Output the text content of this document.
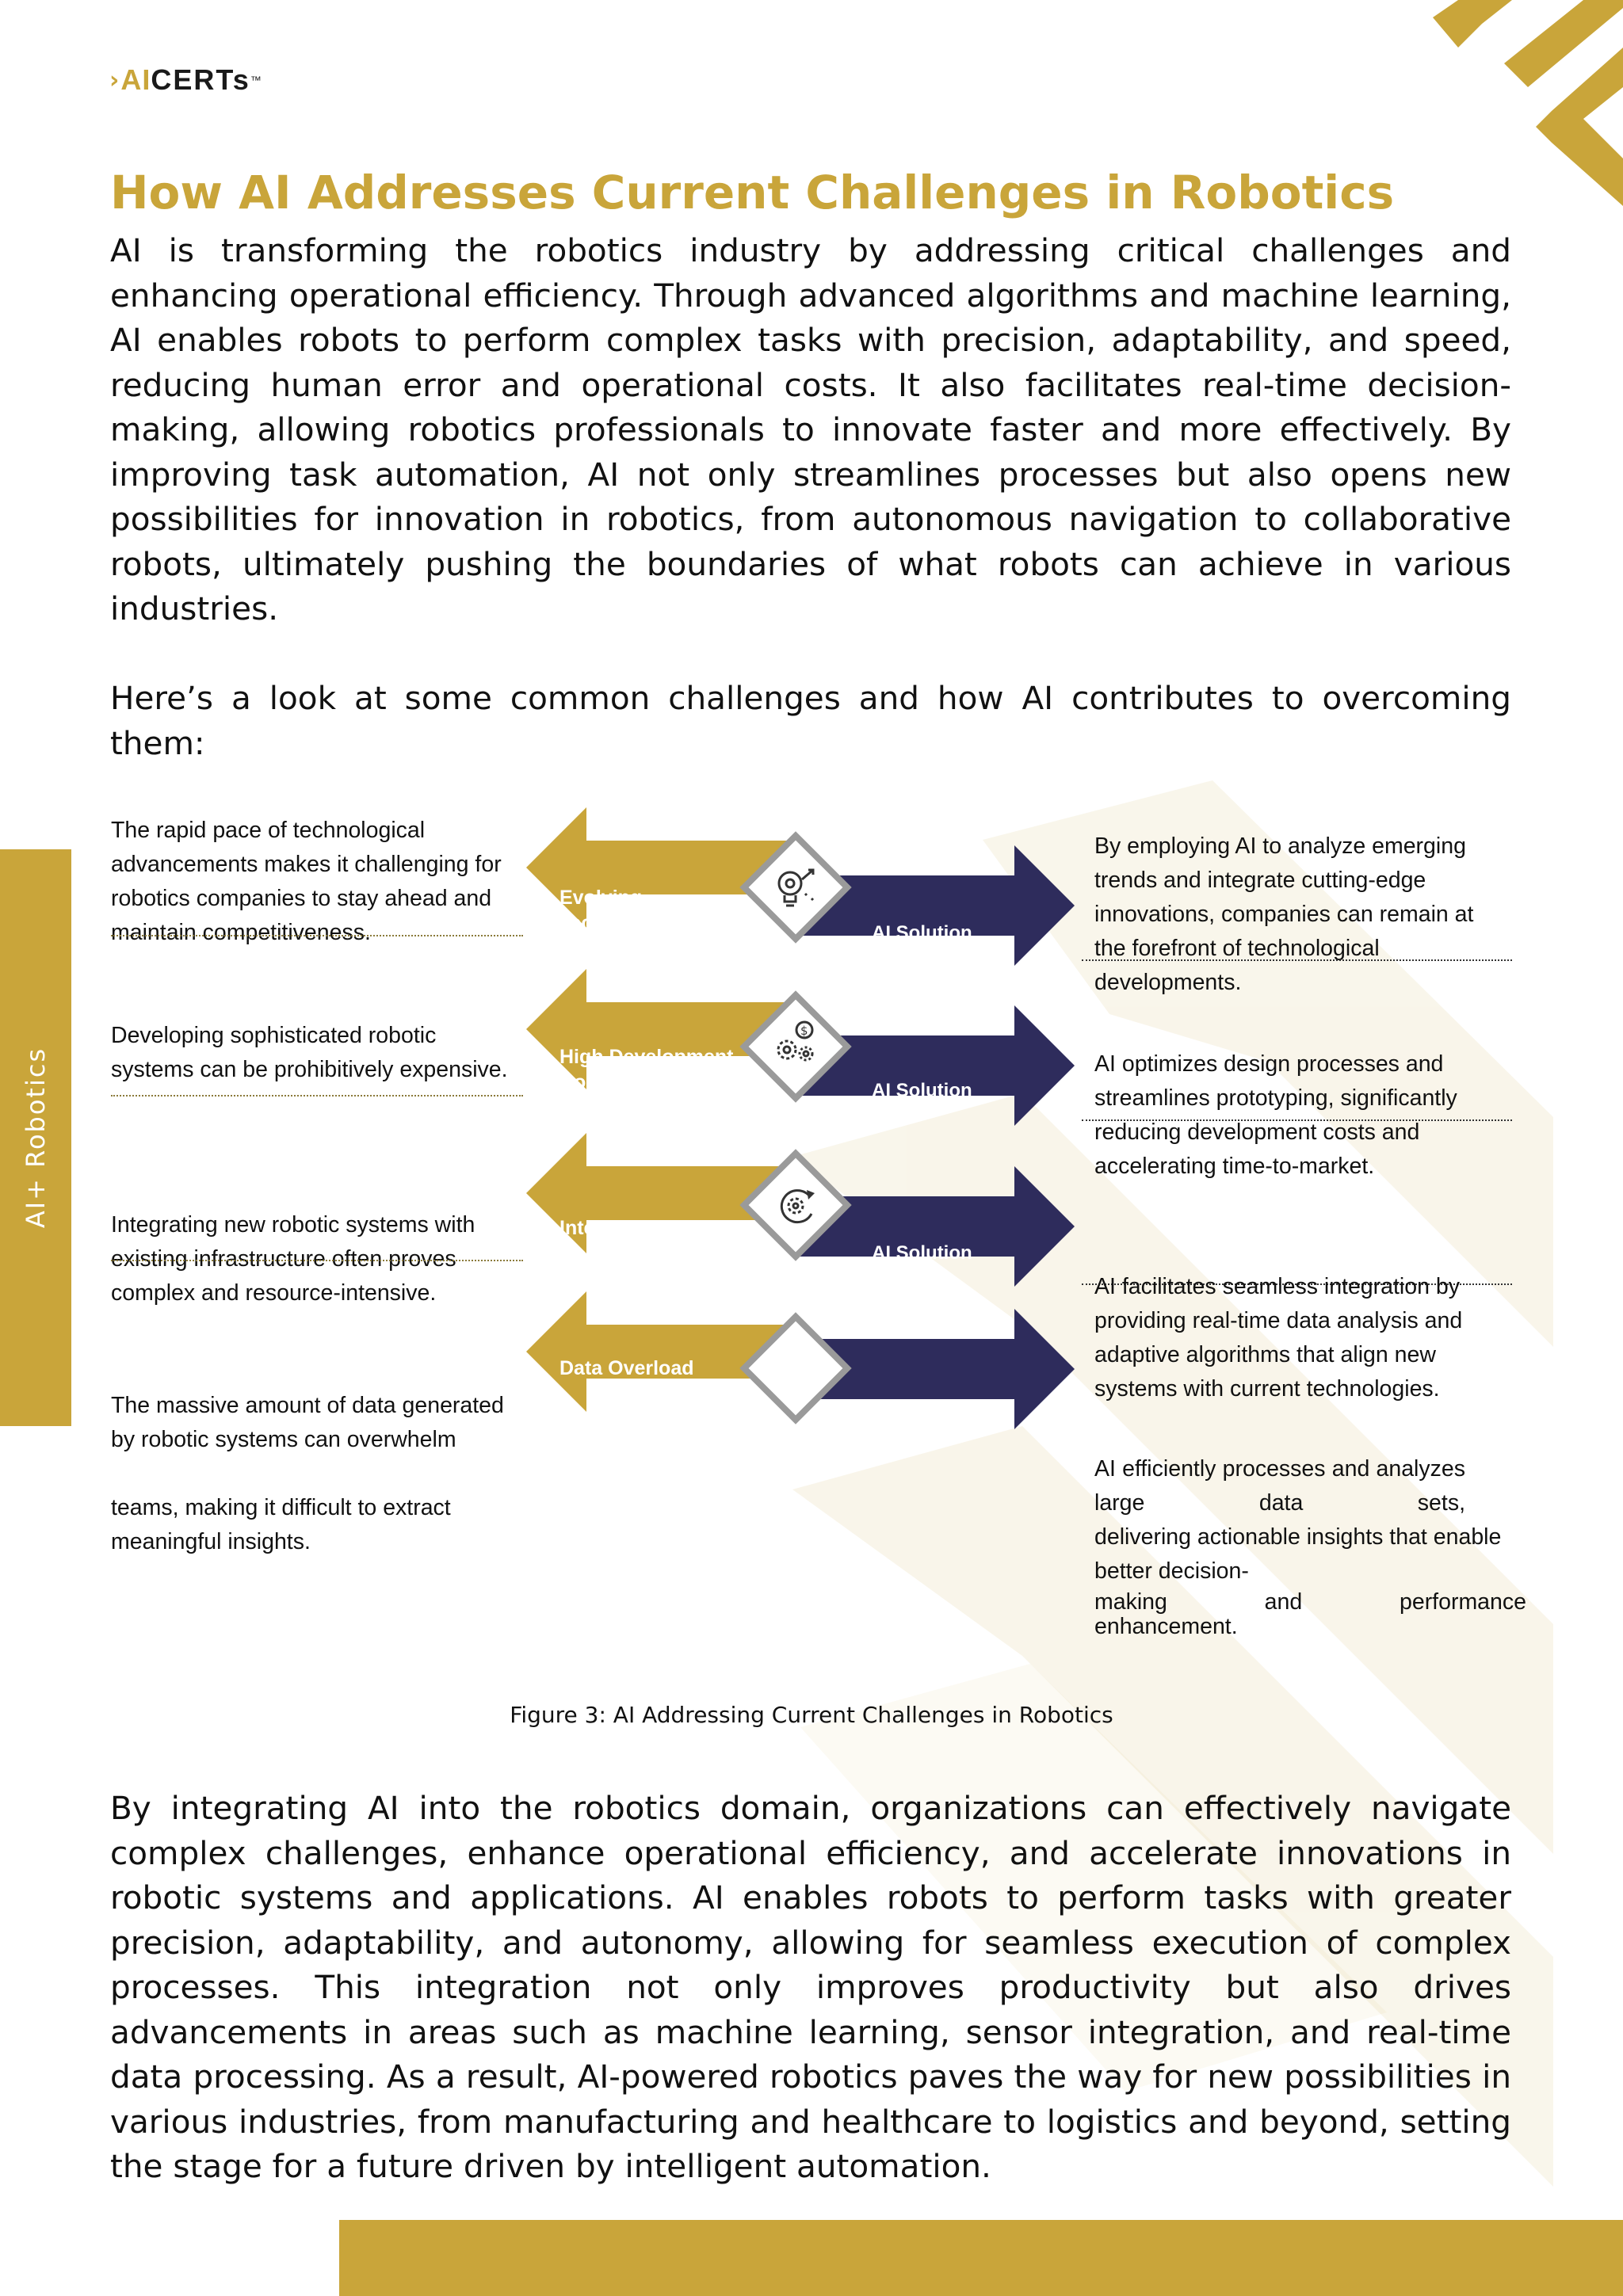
› AI CERTs ™
How AI Addresses Current Challenges in Robotics

AI is transforming the robotics industry by addressing critical challenges and enhancing operational efficiency. Through advanced algorithms and machine learning, AI enables robots to perform complex tasks with precision, adaptability, and speed, reducing human error and operational costs. It also facilitates real-time decision-making, allowing robotics professionals to innovate faster and more effectively. By improving task automation, AI not only streamlines processes but also opens new possibilities for innovation in robotics, from autonomous navigation to collaborative robots, ultimately pushing the boundaries of what robots can achieve in various industries.

Here’s a look at some common challenges and how AI contributes to overcoming them:

AI+ Robotics
$
Evolving
Technologies	AI Solution
High Development
Costs	AI Solution
Integration Issues
AI Solution
Data Overload

The rapid pace of technological advancements makes it challenging for robotics companies to stay ahead and maintain competitiveness.

Developing sophisticated robotic systems can be prohibitively expensive.

Integrating new robotic systems with existing infrastructure often proves complex and resource-intensive.

The massive amount of data generated by robotic systems can overwhelm

teams, making it difficult to extract meaningful insights.

By employing AI to analyze emerging trends and integrate cutting-edge innovations, companies can remain at the forefront of technological developments.

AI optimizes design processes and streamlines prototyping, significantly reducing development costs and accelerating time-to-market.

AI facilitates seamless integration by providing real-time data analysis and adaptive algorithms that align new systems with current technologies.

AI efficiently processes and analyzes large data sets,

delivering actionable insights that enable better decision-

making and performance

enhancement.

Figure 3: AI Addressing Current Challenges in Robotics

By integrating AI into the robotics domain, organizations can effectively navigate complex challenges, enhance operational efficiency, and accelerate innovations in robotic systems and applications. AI enables robots to perform tasks with greater precision, adaptability, and autonomy, allowing for seamless execution of complex processes. This integration not only improves productivity but also drives advancements in areas such as machine learning, sensor integration, and real-time data processing. As a result, AI-powered robotics paves the way for new possibilities in various industries, from manufacturing and healthcare to logistics and beyond, setting the stage for a future driven by intelligent automation.
